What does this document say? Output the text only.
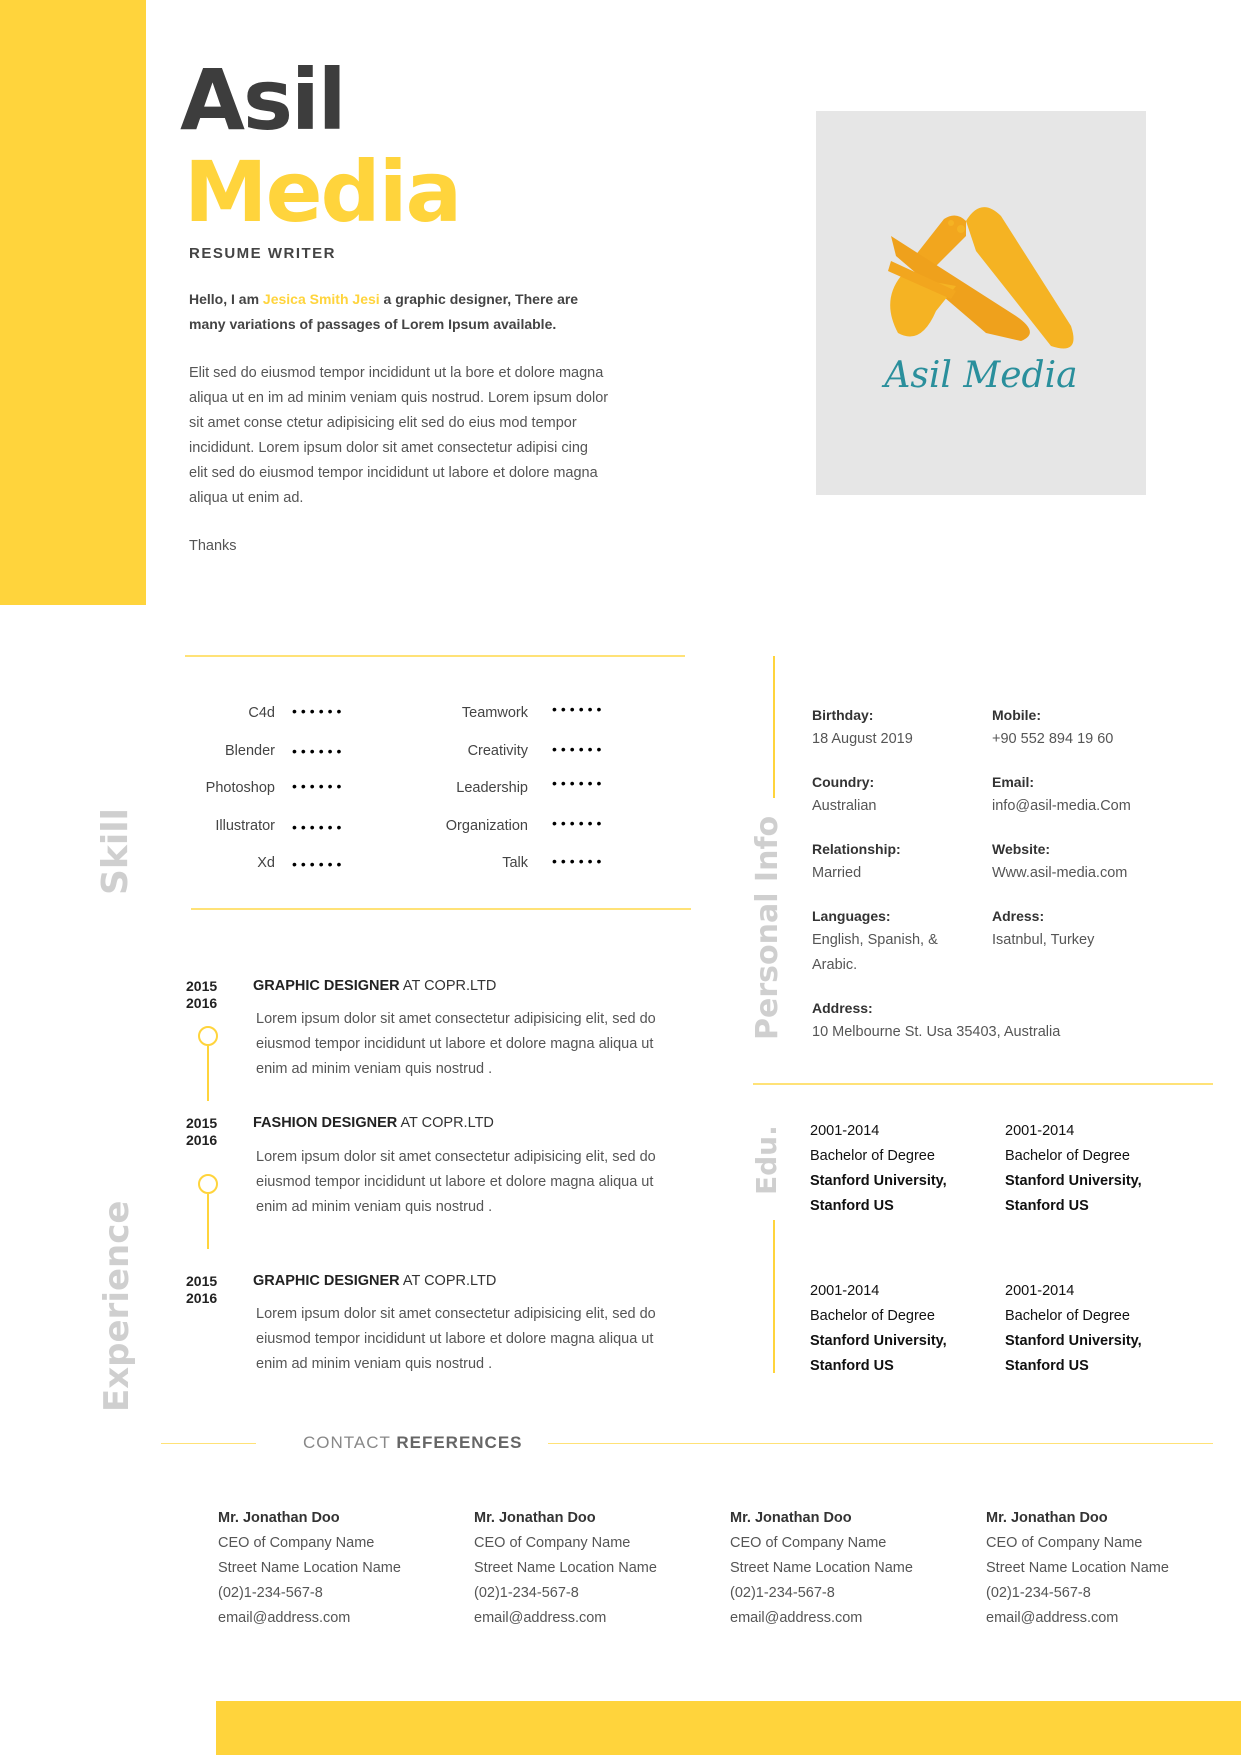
Asil
Media
RESUME WRITER
Hello, I am Jesica Smith Jesi a graphic designer, There are many variations of passages of Lorem Ipsum available.
Elit sed do eiusmod tempor incididunt ut la bore et dolore magna aliqua ut en im ad minim veniam quis nostrud. Lorem ipsum dolor sit amet conse ctetur adipisicing elit sed do eius mod tempor incididunt. Lorem ipsum dolor sit amet consectetur adipisi cing elit sed do eiusmod tempor incididunt ut labore et dolore magna aliqua ut enim ad.
Thanks
Asil Media
Skill
C4d ••••••
Blender ••••••
Photoshop ••••••
Illustrator ••••••
Xd ••••••
Teamwork ••••••
Creativity ••••••
Leadership ••••••
Organization ••••••
Talk ••••••	Personal Info
Birthday:
18 August 2019
Mobile:
+90 552 894 19 60
Coundry:
Australian
Email:
info@asil-media.Com
Relationship:
Married
Website:
Www.asil-media.com
Languages:
English, Spanish, &
Arabic.
Adress:
Isatnbul, Turkey
Address:
10 Melbourne St. Usa 35403, Australia
Experience
2015
2016
GRAPHIC DESIGNER AT COPR.LTD
Lorem ipsum dolor sit amet consectetur adipisicing elit, sed do
eiusmod tempor incididunt ut labore et dolore magna aliqua ut
enim ad minim veniam quis nostrud .
2015
2016
FASHION DESIGNER AT COPR.LTD
Lorem ipsum dolor sit amet consectetur adipisicing elit, sed do
eiusmod tempor incididunt ut labore et dolore magna aliqua ut
enim ad minim veniam quis nostrud .
2015
2016
GRAPHIC DESIGNER AT COPR.LTD
Lorem ipsum dolor sit amet consectetur adipisicing elit, sed do
eiusmod tempor incididunt ut labore et dolore magna aliqua ut
enim ad minim veniam quis nostrud .
Edu. 2001-2014
Bachelor of Degree
Stanford University,
Stanford US
2001-2014
Bachelor of Degree
Stanford University,
Stanford US
2001-2014
Bachelor of Degree
Stanford University,
Stanford US
2001-2014
Bachelor of Degree
Stanford University,
Stanford US
CONTACT REFERENCES
Mr. Jonathan Doo
CEO of Company Name
Street Name Location Name
(02)1-234-567-8
email@address.com
Mr. Jonathan Doo
CEO of Company Name
Street Name Location Name
(02)1-234-567-8
email@address.com
Mr. Jonathan Doo
CEO of Company Name
Street Name Location Name
(02)1-234-567-8
email@address.com
Mr. Jonathan Doo
CEO of Company Name
Street Name Location Name
(02)1-234-567-8
email@address.com
